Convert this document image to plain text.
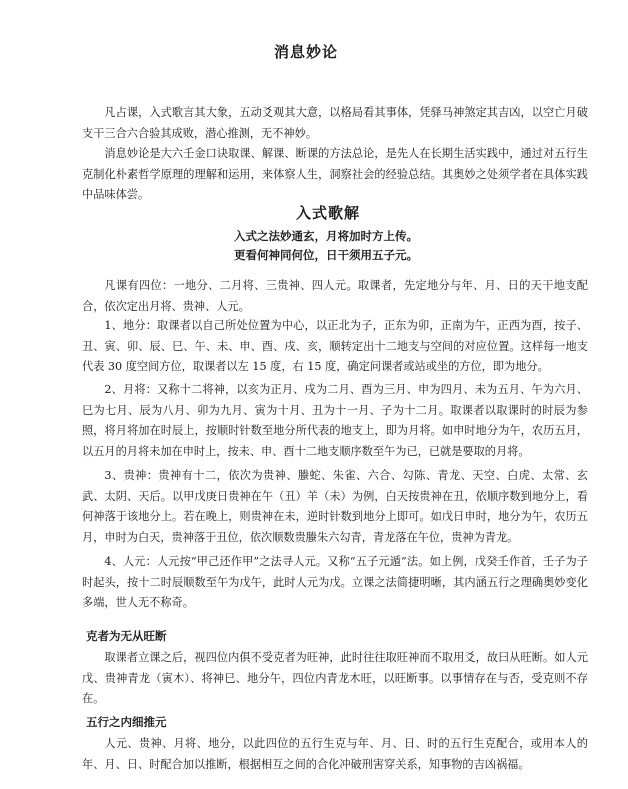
消息妙论

凡占课，入式歌言其大象，五动爻观其大意，以格局看其事体，凭驿马神煞定其吉凶，以空亡月破支干三合六合验其成败，潜心推测，无不神妙。

消息妙论是大六壬金口诀取课、解课、断课的方法总论，是先人在长期生活实践中，通过对五行生克制化朴素哲学原理的理解和运用，来体察人生，洞察社会的经验总结。其奥妙之处须学者在具体实践中品味体尝。

入式歌解
入式之法妙通玄，月将加时方上传。
更看何神同何位，日干须用五子元。

凡课有四位：一地分、二月将、三贵神、四人元。取课者，先定地分与年、月、日的天干地支配合，依次定出月将、贵神、人元。

1、地分：取课者以自己所处位置为中心，以正北为子，正东为卯，正南为午，正西为酉，按子、丑、寅、卯、辰、巳、午、未、申、酉、戌、亥，顺转定出十二地支与空间的对应位置。这样每一地支代表 30 度空间方位，取课者以左 15 度，右 15 度，确定问课者或站或坐的方位，即为地分。

2、月将：又称十二将神，以亥为正月、戌为二月、酉为三月、申为四月、未为五月、午为六月、巳为七月、辰为八月、卯为九月、寅为十月、丑为十一月、子为十二月。取课者以取课时的时辰为参照，将月将加在时辰上，按顺时针数至地分所代表的地支上，即为月将。如申时地分为午，农历五月，以五月的月将未加在申时上，按未、申、酉十二地支顺序数至午为已，已就是要取的月将。

3、贵神：贵神有十二，依次为贵神、螣蛇、朱雀、六合、勾陈、青龙、天空、白虎、太常、玄武、太阴、天后。以甲戊庚日贵神在午（丑）羊（未）为例，白天按贵神在丑，依顺序数到地分上，看何神落于该地分上。若在晚上，则贵神在未，逆时针数到地分上即可。如戊日申时，地分为午，农历五月，申时为白天，贵神落于丑位，依次顺数贵螣朱六勾青，青龙落在午位，贵神为青龙。

4、人元：人元按“甲己还作甲”之法寻人元。又称“五子元遁”法。如上例，戊癸壬作首，壬子为子时起头，按十二时辰顺数至午为戊午，此时人元为戊。立课之法简捷明晰，其内涵五行之理确奥妙变化多端，世人无不称奇。

克者为无从旺断

取课者立课之后，视四位内俱不受克者为旺神，此时往往取旺神而不取用爻，故曰从旺断。如人元戊、贵神青龙（寅木）、将神巳、地分午，四位内青龙木旺，以旺断事。以事情存在与否，受克则不存在。

五行之内细推元

人元、贵神、月将、地分，以此四位的五行生克与年、月、日、时的五行生克配合，或用本人的年、月、日、时配合加以推断，根据相互之间的合化冲破刑害穿关系，知事物的吉凶祸福。
